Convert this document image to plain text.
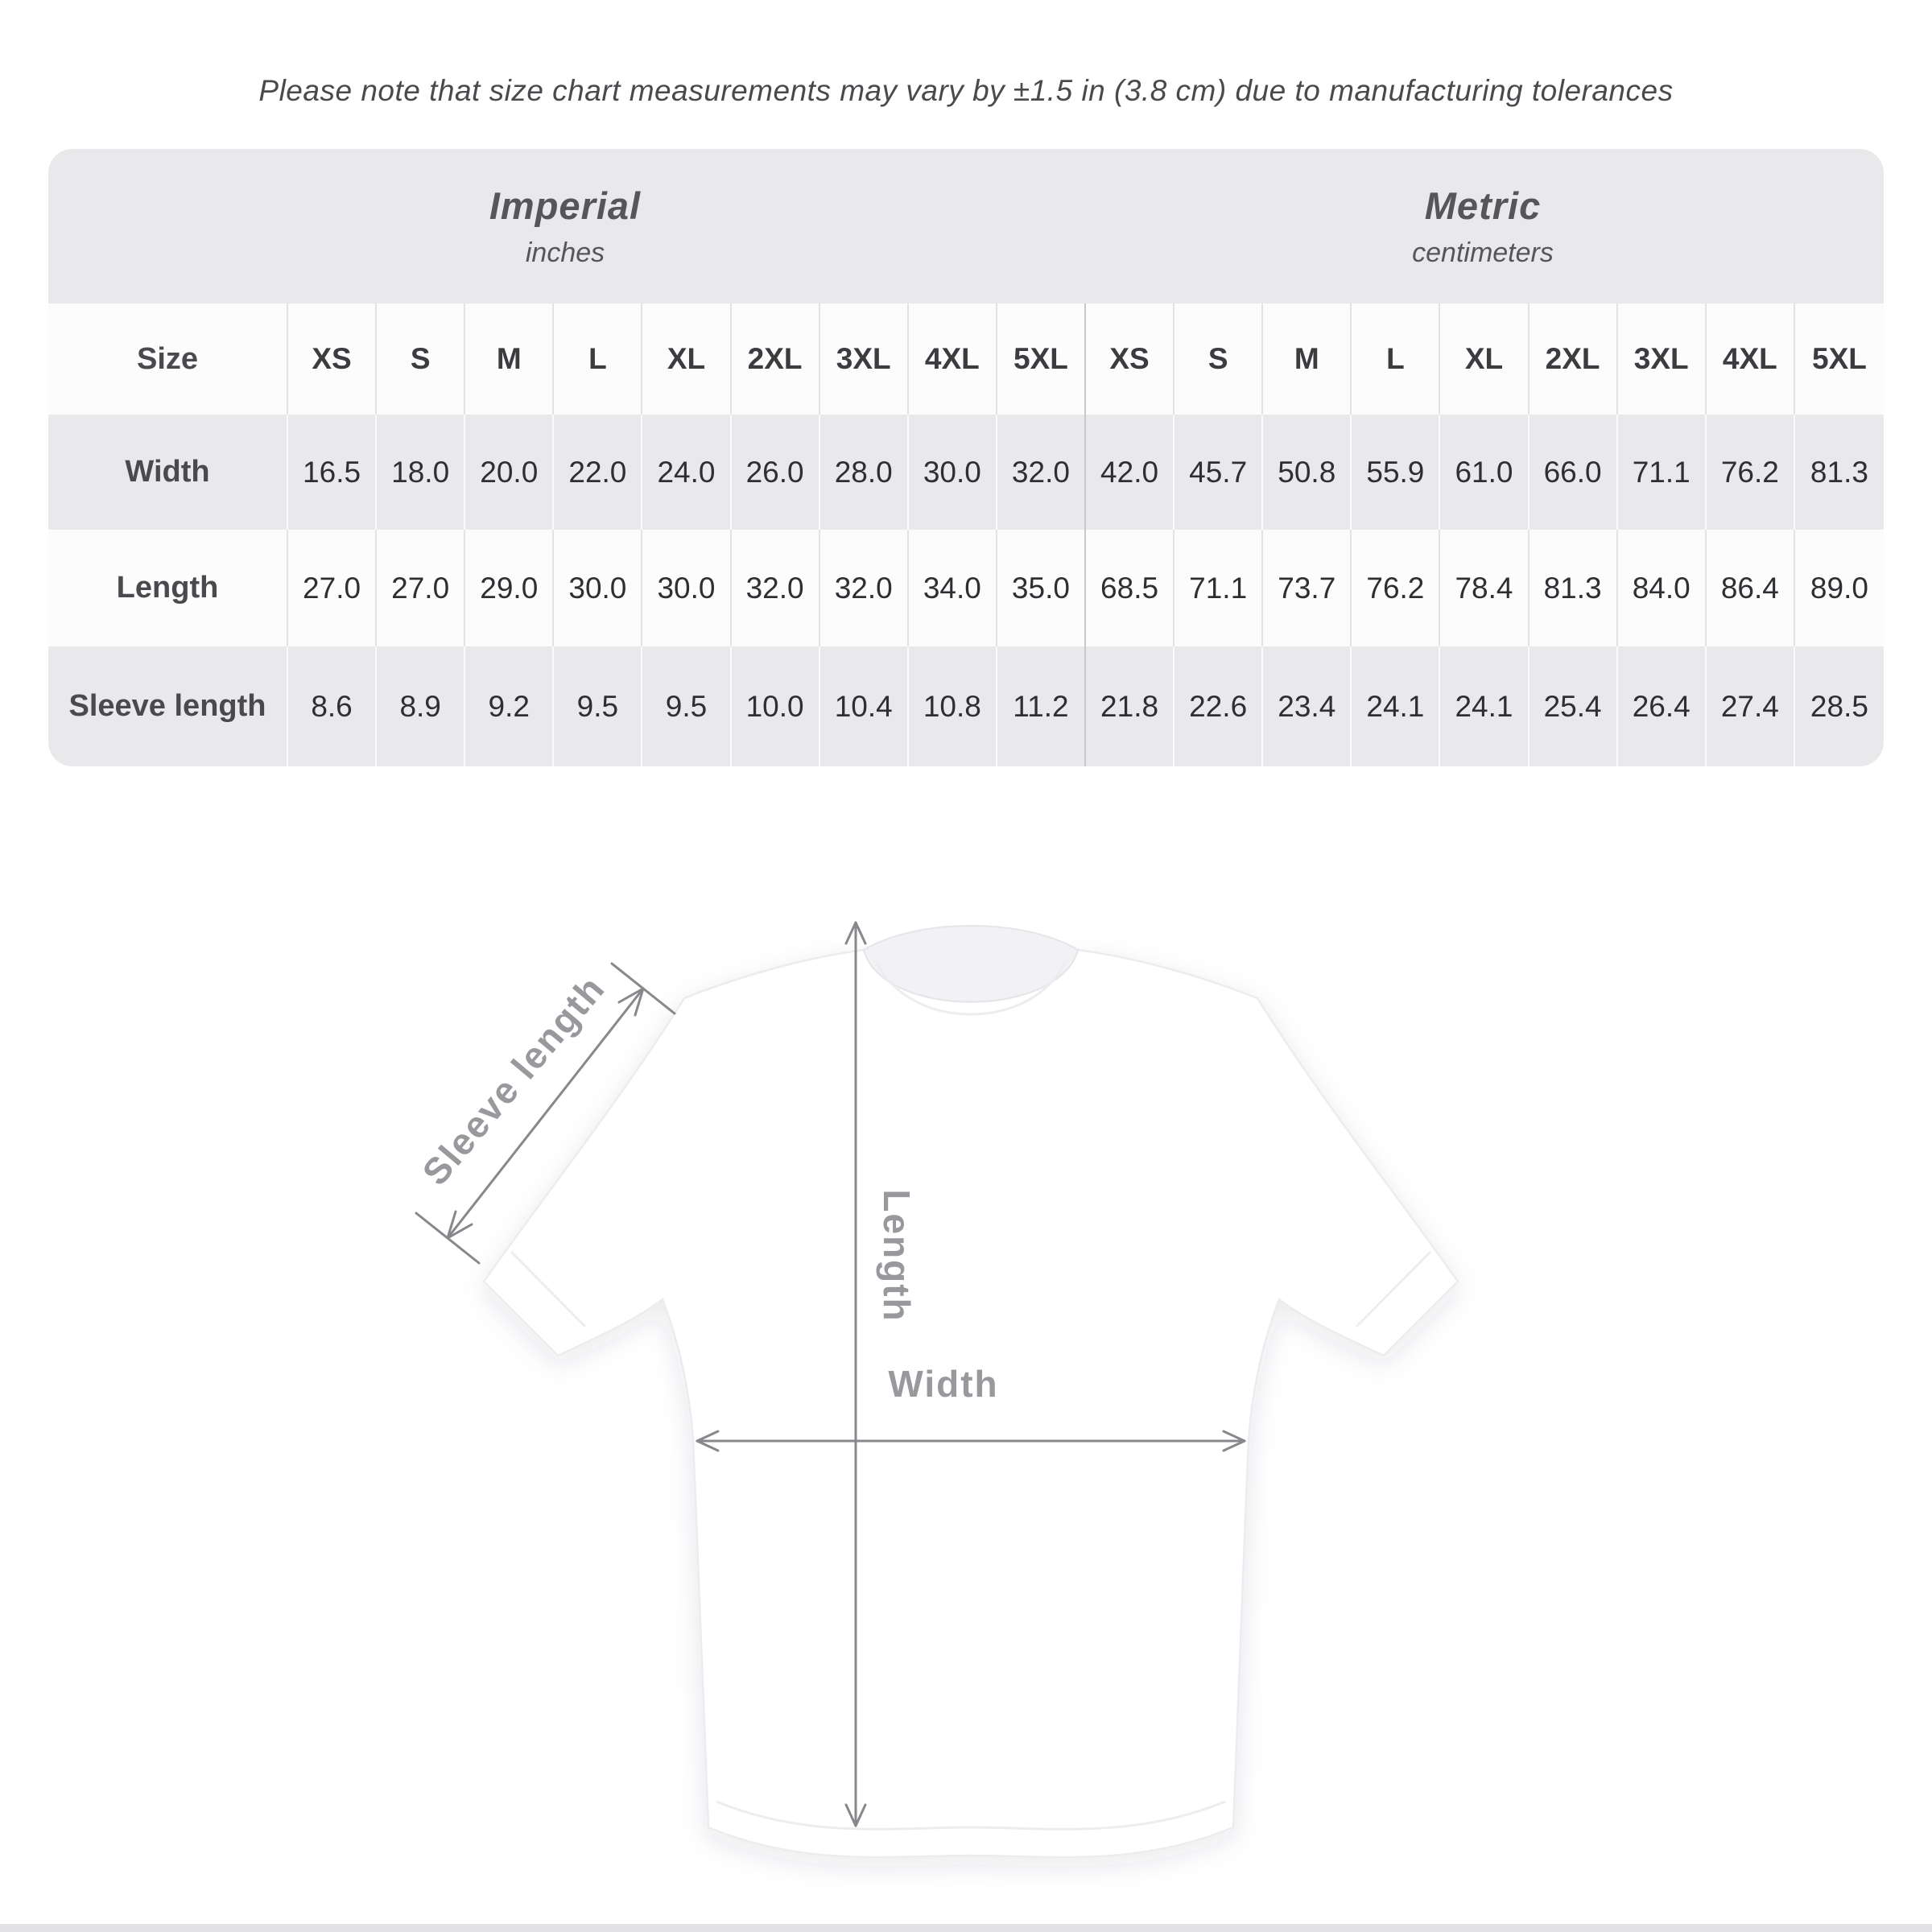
Please note that size chart measurements may vary by ±1.5 in (3.8 cm) due to manufacturing tolerances
Imperial
inches
Metric
centimeters
Size	XS	S	M	L	XL	2XL	3XL	4XL	5XL	XS	S	M	L	XL	2XL	3XL	4XL	5XL
Width	16.5	18.0	20.0	22.0	24.0	26.0	28.0	30.0	32.0	42.0	45.7	50.8	55.9	61.0	66.0	71.1	76.2	81.3
Length	27.0	27.0	29.0	30.0	30.0	32.0	32.0	34.0	35.0	68.5	71.1	73.7	76.2	78.4	81.3	84.0	86.4	89.0
Sleeve length	8.6	8.9	9.2	9.5	9.5	10.0	10.4	10.8	11.2	21.8	22.6	23.4	24.1	24.1	25.4	26.4	27.4	28.5
Sleeve length
Length
Width
